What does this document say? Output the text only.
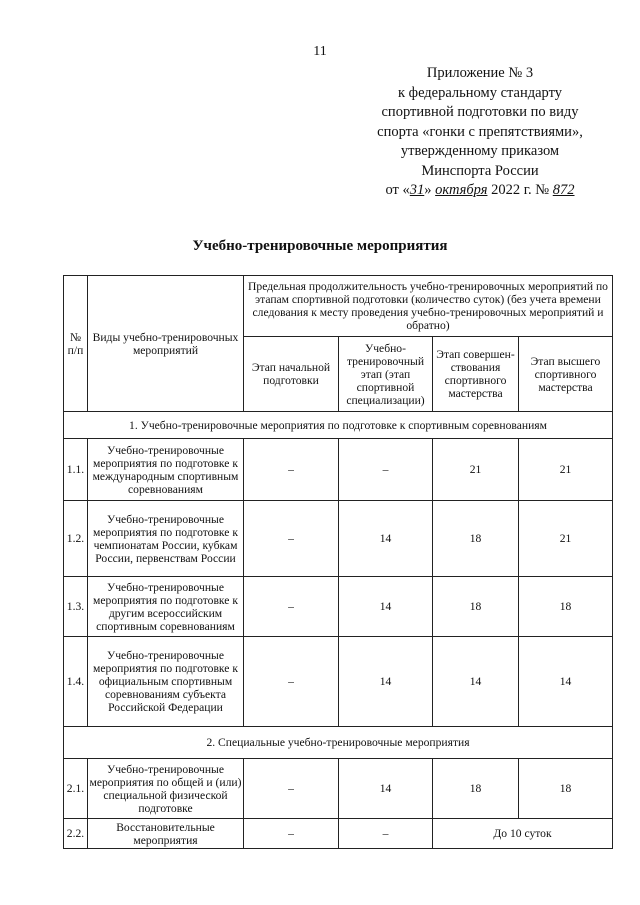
11
Приложение № 3
к федеральному стандарту
спортивной подготовки по виду
спорта «гонки с препятствиями»,
утвержденному приказом
Минспорта России
от «31» октября 2022 г. № 872
Учебно-тренировочные мероприятия
№ п/п	Виды учебно-тренировочных мероприятий	Предельная продолжительность учебно-тренировочных мероприятий по этапам спортивной подготовки (количество суток) (без учета времени следования к месту проведения учебно-тренировочных мероприятий и обратно)			
		Этап начальной подготовки	Учебно-тренировочный этап (этап спортивной специализации)	Этап совершен-ствования спортивного мастерства	Этап высшего спортивного мастерства
1. Учебно-тренировочные мероприятия по подготовке к спортивным соревнованиям					
1.1.	Учебно-тренировочные мероприятия по подготовке к международным спортивным соревнованиям	–	–	21	21
1.2.	Учебно-тренировочные мероприятия по подготовке к чемпионатам России, кубкам России, первенствам России	–	14	18	21
1.3.	Учебно-тренировочные мероприятия по подготовке к другим всероссийским спортивным соревнованиям	–	14	18	18
1.4.	Учебно-тренировочные мероприятия по подготовке к официальным спортивным соревнованиям субъекта Российской Федерации	–	14	14	14
2. Специальные учебно-тренировочные мероприятия					
2.1.	Учебно-тренировочные мероприятия по общей и (или) специальной физической подготовке	–	14	18	18
2.2.	Восстановительные мероприятия	–	–	До 10 суток	
